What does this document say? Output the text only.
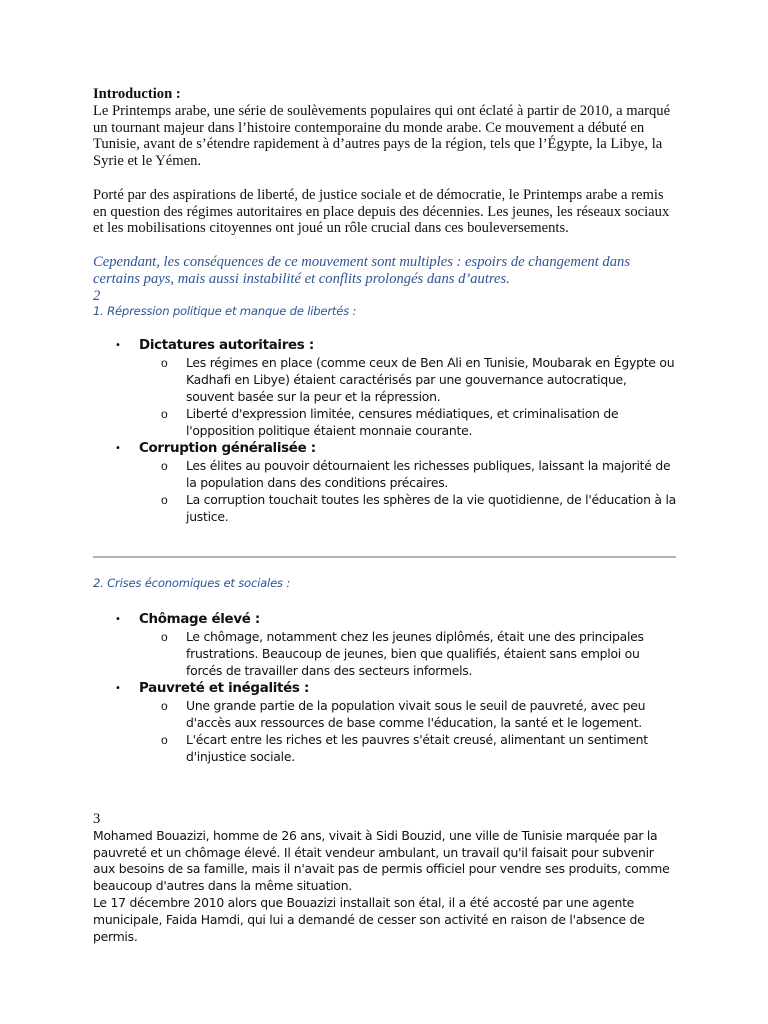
Introduction :

Le Printemps arabe, une série de soulèvements populaires qui ont éclaté à partir de 2010, a marqué un tournant majeur dans l’histoire contemporaine du monde arabe. Ce mouvement a débuté en Tunisie, avant de s’étendre rapidement à d’autres pays de la région, tels que l’Égypte, la Libye, la Syrie et le Yémen.

Porté par des aspirations de liberté, de justice sociale et de démocratie, le Printemps arabe a remis en question des régimes autoritaires en place depuis des décennies. Les jeunes, les réseaux sociaux et les mobilisations citoyennes ont joué un rôle crucial dans ces bouleversements.

Cependant, les conséquences de ce mouvement sont multiples : espoirs de changement dans certains pays, mais aussi instabilité et conflits prolongés dans d’autres.

2

1. Répression politique et manque de libertés :

• Dictatures autoritaires :
o Les régimes en place (comme ceux de Ben Ali en Tunisie, Moubarak en Égypte ou Kadhafi en Libye) étaient caractérisés par une gouvernance autocratique, souvent basée sur la peur et la répression.
o Liberté d'expression limitée, censures médiatiques, et criminalisation de l'opposition politique étaient monnaie courante.
• Corruption généralisée :
o Les élites au pouvoir détournaient les richesses publiques, laissant la majorité de la population dans des conditions précaires.
o La corruption touchait toutes les sphères de la vie quotidienne, de l'éducation à la justice.

2. Crises économiques et sociales :

• Chômage élevé :
o Le chômage, notamment chez les jeunes diplômés, était une des principales frustrations. Beaucoup de jeunes, bien que qualifiés, étaient sans emploi ou forcés de travailler dans des secteurs informels.
• Pauvreté et inégalités :
o Une grande partie de la population vivait sous le seuil de pauvreté, avec peu d'accès aux ressources de base comme l'éducation, la santé et le logement.
o L'écart entre les riches et les pauvres s'était creusé, alimentant un sentiment d'injustice sociale.
3

Mohamed Bouazizi, homme de 26 ans, vivait à Sidi Bouzid, une ville de Tunisie marquée par la pauvreté et un chômage élevé. Il était vendeur ambulant, un travail qu'il faisait pour subvenir aux besoins de sa famille, mais il n'avait pas de permis officiel pour vendre ses produits, comme beaucoup d'autres dans la même situation.

Le 17 décembre 2010 alors que Bouazizi installait son étal, il a été accosté par une agente municipale, Faida Hamdi, qui lui a demandé de cesser son activité en raison de l'absence de permis.
